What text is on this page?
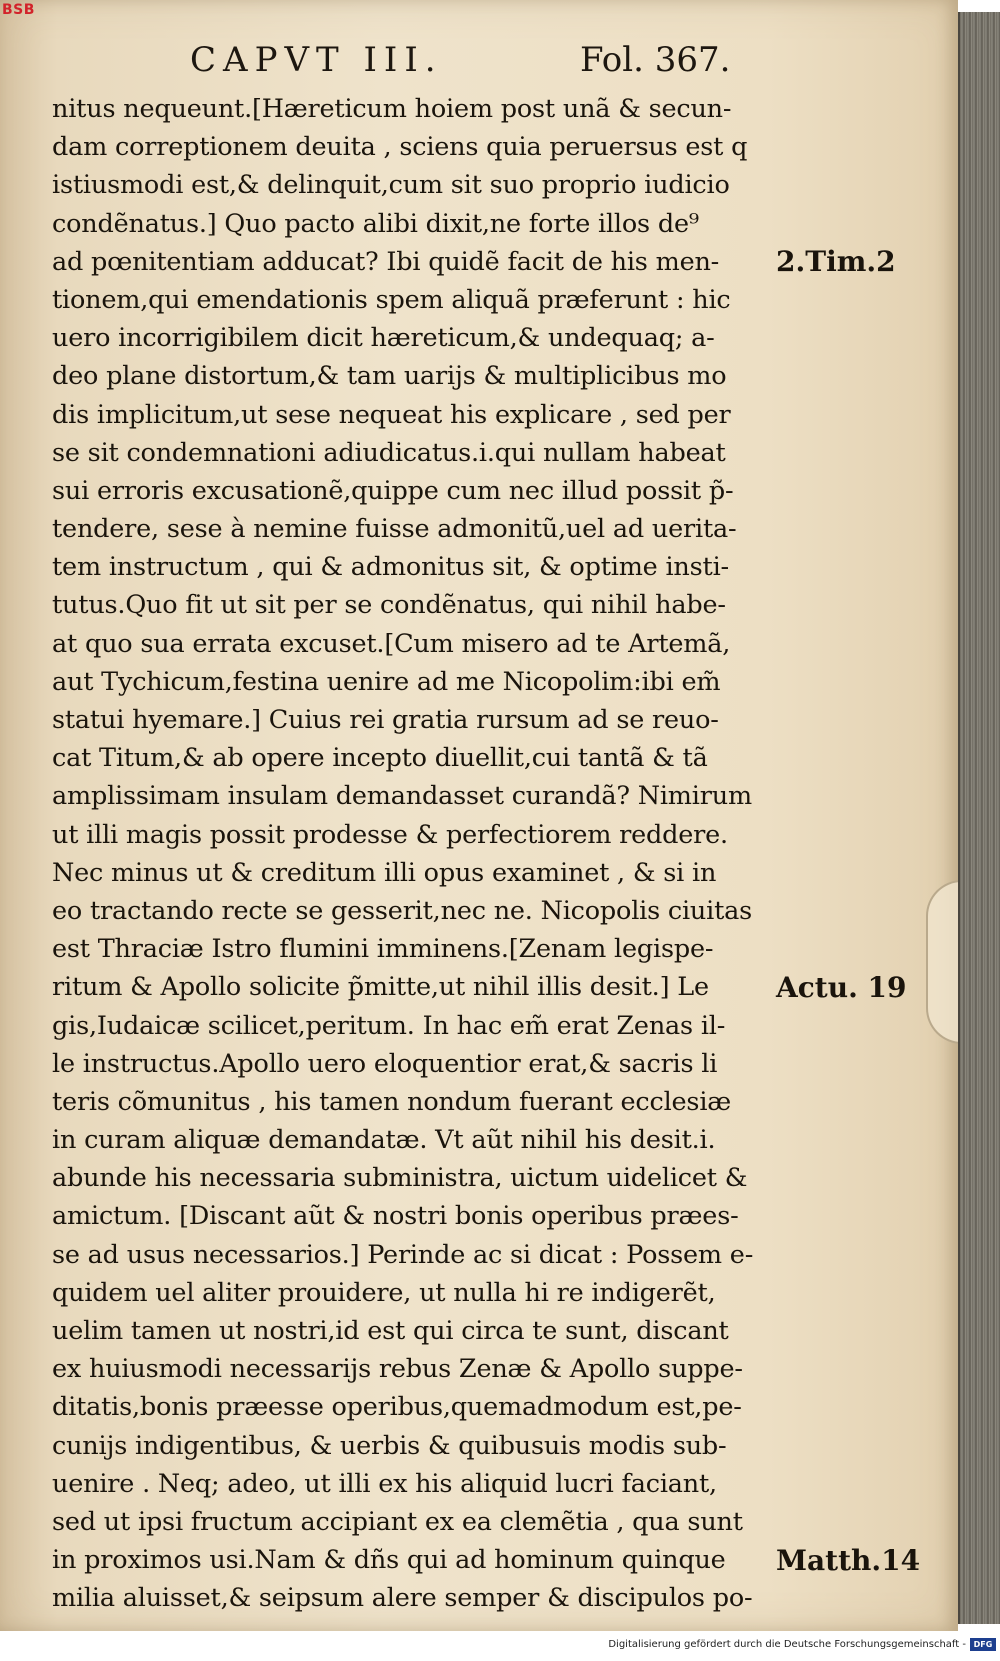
BSB
CAPVT III.	Fol. 367.
nitus nequeunt.[Hæreticum hoiem post unã & secun-
dam correptionem deuita , sciens quia peruersus est q
istiusmodi est,& delinquit,cum sit suo proprio iudicio
condẽnatus.] Quo pacto alibi dixit,ne forte illos de⁹
ad pœnitentiam adducat? Ibi quidẽ facit de his men-
tionem,qui emendationis spem aliquã præferunt : hic
uero incorrigibilem dicit hæreticum,& undequaq; a-
deo plane distortum,& tam uarijs & multiplicibus mo
dis implicitum,ut sese nequeat his explicare , sed per
se sit condemnationi adiudicatus.i.qui nullam habeat
sui erroris excusationẽ,quippe cum nec illud possit p̃-
tendere, sese à nemine fuisse admonitũ,uel ad uerita-
tem instructum , qui & admonitus sit, & optime insti-
tutus.Quo fit ut sit per se condẽnatus, qui nihil habe-
at quo sua errata excuset.[Cum misero ad te Artemã,
aut Tychicum,festina uenire ad me Nicopolim:ibi em̃
statui hyemare.] Cuius rei gratia rursum ad se reuo-
cat Titum,& ab opere incepto diuellit,cui tantã & tã
amplissimam insulam demandasset curandã? Nimirum
ut illi magis possit prodesse & perfectiorem reddere.
Nec minus ut & creditum illi opus examinet , & si in
eo tractando recte se gesserit,nec ne. Nicopolis ciuitas
est Thraciæ Istro flumini imminens.[Zenam legispe-
ritum & Apollo solicite p̃mitte,ut nihil illis desit.] Le
gis,Iudaicæ scilicet,peritum. In hac em̃ erat Zenas il-
le instructus.Apollo uero eloquentior erat,& sacris li
teris cõmunitus , his tamen nondum fuerant ecclesiæ
in curam aliquæ demandatæ. Vt aũt nihil his desit.i.
abunde his necessaria subministra, uictum uidelicet &
amictum. [Discant aũt & nostri bonis operibus præes-
se ad usus necessarios.] Perinde ac si dicat : Possem e-
quidem uel aliter prouidere, ut nulla hi re indigerẽt,
uelim tamen ut nostri,id est qui circa te sunt, discant
ex huiusmodi necessarijs rebus Zenæ & Apollo suppe-
ditatis,bonis præesse operibus,quemadmodum est,pe-
cunijs indigentibus, & uerbis & quibusuis modis sub-
uenire . Neq; adeo, ut illi ex his aliquid lucri faciant,
sed ut ipsi fructum accipiant ex ea clemẽtia , qua sunt
in proximos usi.Nam & dñs qui ad hominum quinque
milia aluisset,& seipsum alere semper & discipulos po-
2.Tim.2
Actu. 19
Matth.14
Digitalisierung gefördert durch die Deutsche Forschungsgemeinschaft - DFG
